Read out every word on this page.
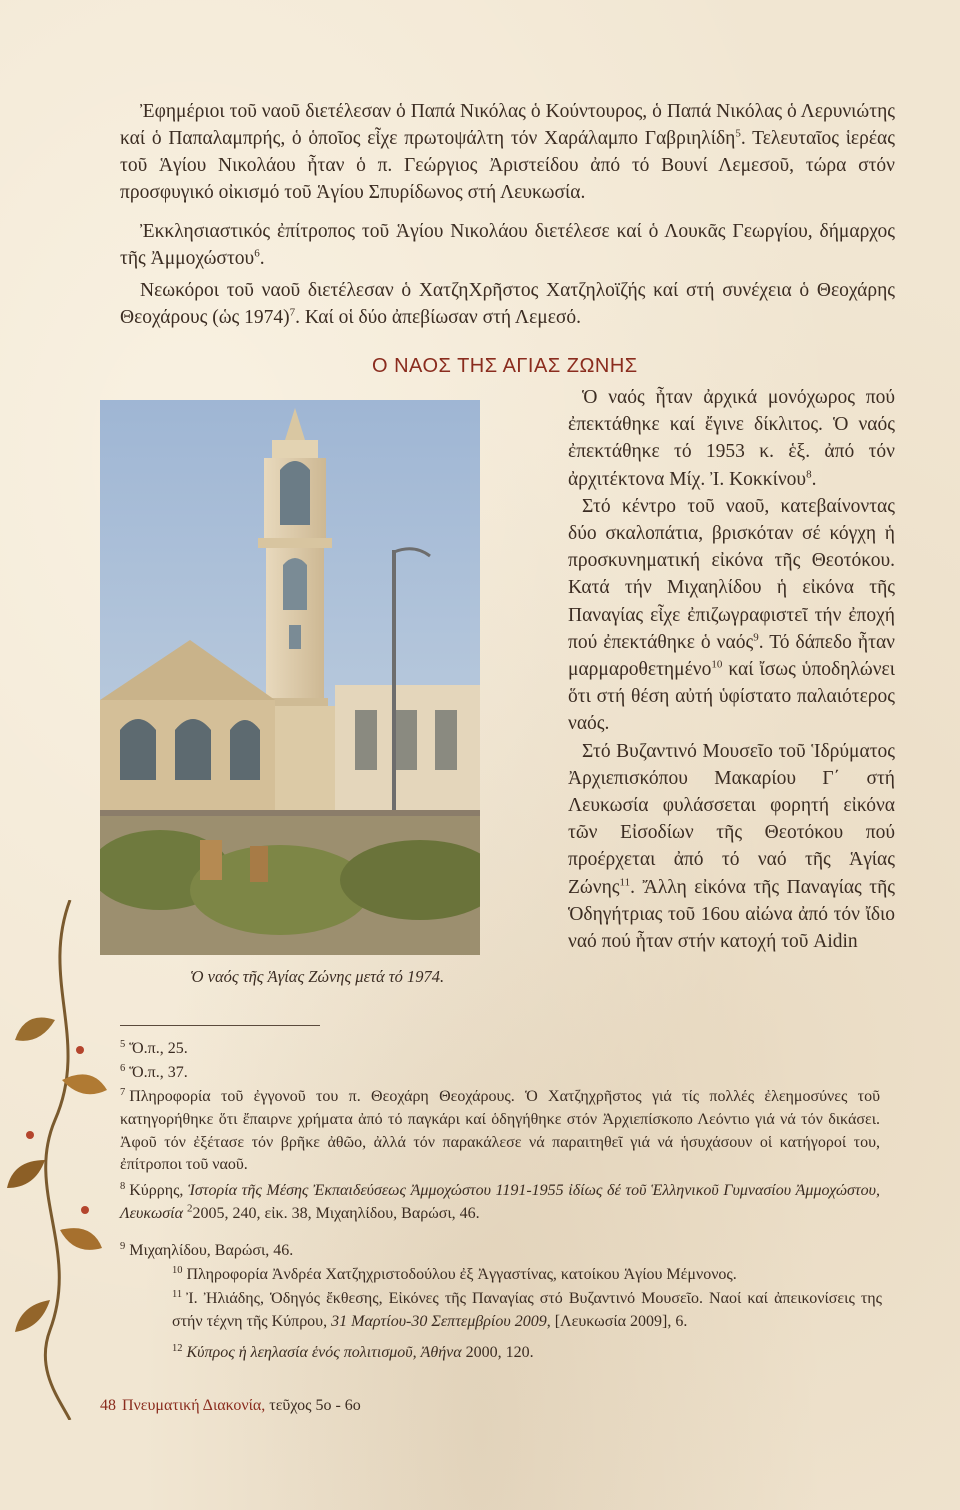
Ἐφημέριοι τοῦ ναοῦ διετέλεσαν ὁ Παπά Νικόλας ὁ Κούντουρος, ὁ Παπά Νικόλας ὁ Λερυνιώτης καί ὁ Παπαλαμπρής, ὁ ὁποῖος εἶχε πρωτοψάλτη τόν Χαράλαμπο Γαβριηλίδη$^5$. Τελευταῖος ἱερέας τοῦ Ἁγίου Νικολάου ἦταν ὁ π. Γεώργιος Ἀριστείδου ἀπό τό Βουνί Λεμεσοῦ, τώρα στόν προσφυγικό οἰκισμό τοῦ Ἁγίου Σπυρίδωνος στή Λευκωσία.

Ἐκκλησιαστικός ἐπίτροπος τοῦ Ἁγίου Νικολάου διετέλεσε καί ὁ Λουκᾶς Γεωργίου, δήμαρχος τῆς Ἀμμοχώστου$^6$.

Νεωκόροι τοῦ ναοῦ διετέλεσαν ὁ ΧατζηΧρῆστος Χατζηλοϊζής καί στή συνέχεια ὁ Θεοχάρης Θεοχάρους (ὡς 1974)$^7$. Καί οἱ δύο ἀπεβίωσαν στή Λεμεσό.

Ο ΝΑΟΣ ΤΗΣ ΑΓΙΑΣ ΖΩΝΗΣ
Ὁ ναός τῆς Ἁγίας Ζώνης μετά τό 1974.

Ὁ ναός ἦταν ἀρχικά μονόχωρος πού ἐπεκτάθηκε καί ἔγινε δίκλιτος. Ὁ ναός ἐπεκτάθηκε τό 1953 κ. ἑξ. ἀπό τόν ἀρχιτέκτονα Μίχ. Ἰ. Κοκκίνου$^8$.

Στό κέντρο τοῦ ναοῦ, κατεβαίνοντας δύο σκαλοπάτια, βρισκόταν σέ κόγχη ἡ προσκυνηματική εἰκόνα τῆς Θεοτόκου. Κατά τήν Μιχαηλίδου ἡ εἰκόνα τῆς Παναγίας εἶχε ἐπιζωγραφιστεῖ τήν ἐποχή πού ἐπεκτάθηκε ὁ ναός$^9$. Τό δάπεδο ἦταν μαρμαροθετημένο$^{10}$ καί ἴσως ὑποδηλώνει ὅτι στή θέση αὐτή ὑφίστατο παλαιότερος ναός.

Στό Βυζαντινό Μουσεῖο τοῦ Ἱδρύματος Ἀρχιεπισκόπου Μακαρίου Γ΄ στή Λευκωσία φυλάσσεται φορητή εἰκόνα τῶν Εἰσοδίων τῆς Θεοτόκου πού προέρχεται ἀπό τό ναό τῆς Ἁγίας Ζώνης$^{11}$. Ἄλλη εἰκόνα τῆς Παναγίας τῆς Ὁδηγήτριας τοῦ 16ου αἰώνα ἀπό τόν ἴδιο ναό πού ἦταν στήν κατοχή τοῦ Aidin

$^5$ Ὅ.π., 25.

$^6$ Ὅ.π., 37.

$^7$ Πληροφορία τοῦ ἐγγονοῦ του π. Θεοχάρη Θεοχάρους. Ὁ Χατζηχρῆστος γιά τίς πολλές ἐλεημοσύνες τοῦ κατηγορήθηκε ὅτι ἔπαιρνε χρήματα ἀπό τό παγκάρι καί ὁδηγήθηκε στόν Ἀρχιεπίσκοπο Λεόντιο γιά νά τόν δικάσει. Ἀφοῦ τόν ἐξέτασε τόν βρῆκε ἀθῶο, ἀλλά τόν παρακάλεσε νά παραιτηθεῖ γιά νά ἡσυχάσουν οἱ κατήγοροί του, ἐπίτροποι τοῦ ναοῦ.

$^8$ Κύρρης, Ἱστορία τῆς Μέσης Ἐκπαιδεύσεως Ἀμμοχώστου 1191-1955 ἰδίως δέ τοῦ Ἑλληνικοῦ Γυμνασίου Ἀμμοχώστου, Λευκωσία $^2$2005, 240, εἰκ. 38, Μιχαηλίδου, Βαρώσι, 46.

$^9$ Μιχαηλίδου, Βαρώσι, 46.

$^{10}$ Πληροφορία Ἀνδρέα Χατζηχριστοδούλου ἐξ Ἀγγαστίνας, κατοίκου Ἁγίου Μέμνονος.

$^{11}$ Ἰ. Ἠλιάδης, Ὁδηγός ἔκθεσης, Εἰκόνες τῆς Παναγίας στό Βυζαντινό Μουσεῖο. Ναοί καί ἀπεικονίσεις της στήν τέχνη τῆς Κύπρου, 31 Μαρτίου-30 Σεπτεμβρίου 2009, [Λευκωσία 2009], 6.

$^{12}$ Κύπρος ἡ λεηλασία ἑνός πολιτισμοῦ, Ἀθήνα 2000, 120.

48 Πνευματική Διακονία, τεῦχος 5ο - 6ο
